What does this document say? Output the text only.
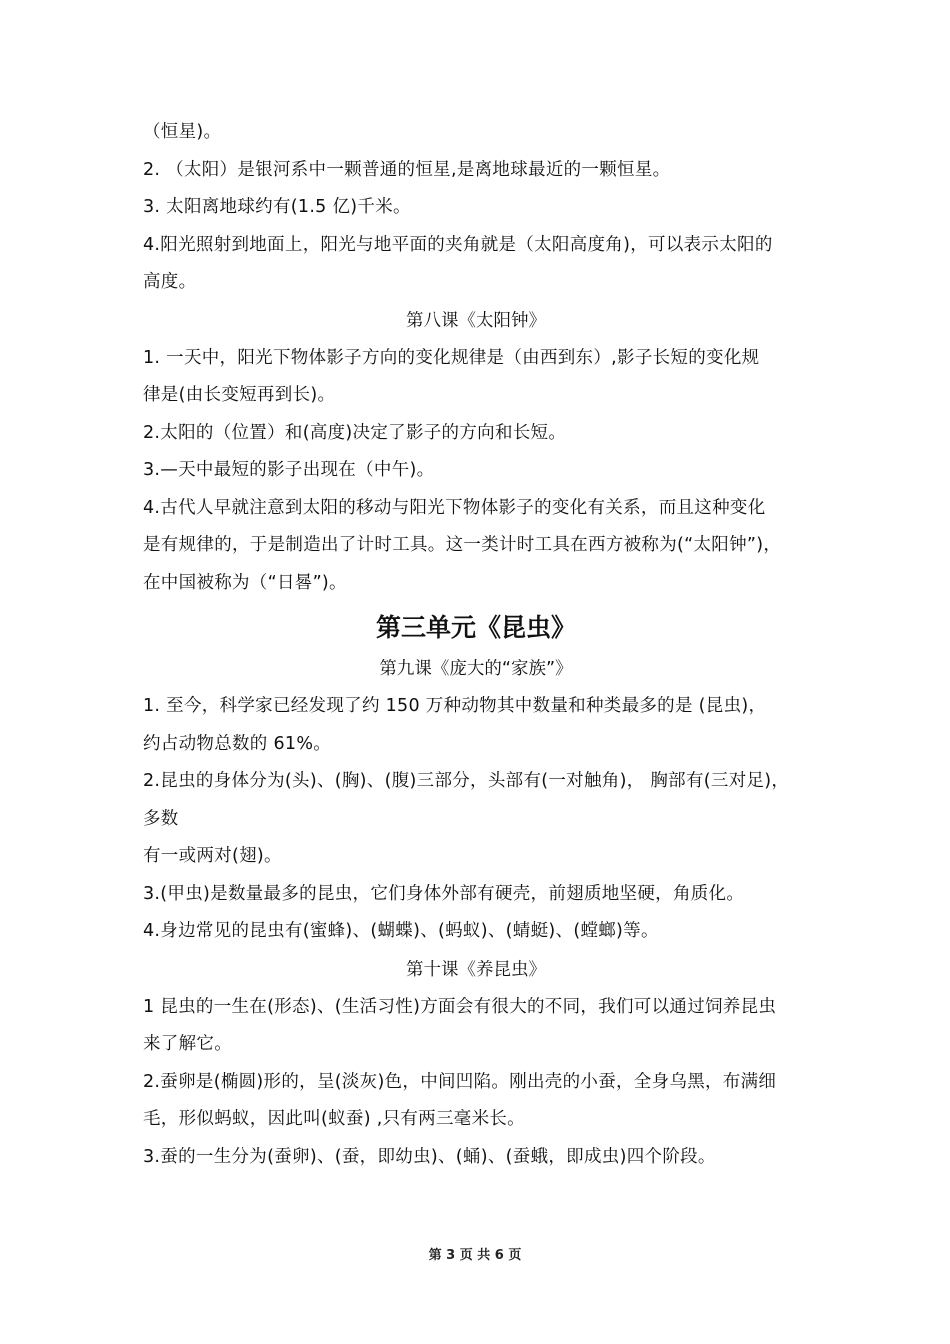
（恒星)。

2. （太阳）是银河系中一颗普通的恒星,是离地球最近的一颗恒星。

3. 太阳离地球约有(1.5 亿)千米。

4.阳光照射到地面上，阳光与地平面的夹角就是（太阳高度角)，可以表示太阳的

高度。

第八课《太阳钟》

1. 一天中，阳光下物体影子方向的变化规律是（由西到东）,影子长短的变化规

律是(由长变短再到长)。

2.太阳的（位置）和(高度)决定了影子的方向和长短。

3.—天中最短的影子出现在（中午)。

4.古代人早就注意到太阳的移动与阳光下物体影子的变化有关系，而且这种变化

是有规律的，于是制造出了计时工具。这一类计时工具在西方被称为(“太阳钟”)，

在中国被称为（“日晷”)。

第三单元《昆虫》

第九课《庞大的“家族”》

1. 至今，科学家已经发现了约 150 万种动物其中数量和种类最多的是 (昆虫)，

约占动物总数的 61%。

2.昆虫的身体分为(头)、(胸)、(腹)三部分，头部有(一对触角)， 胸部有(三对足)，

多数

有一或两对(翅)。

3.(甲虫)是数量最多的昆虫，它们身体外部有硬壳，前翅质地坚硬，角质化。

4.身边常见的昆虫有(蜜蜂)、(蝴蝶)、(蚂蚁)、(蜻蜓)、(螳螂)等。

第十课《养昆虫》

1 昆虫的一生在(形态)、(生活习性)方面会有很大的不同，我们可以通过饲养昆虫

来了解它。

2.蚕卵是(椭圆)形的，呈(淡灰)色，中间凹陷。刚出壳的小蚕，全身乌黑，布满细

毛，形似蚂蚁，因此叫(蚁蚕) ,只有两三毫米长。

3.蚕的一生分为(蚕卵)、(蚕，即幼虫)、(蛹)、(蚕蛾，即成虫)四个阶段。

第 3 页 共 6 页
